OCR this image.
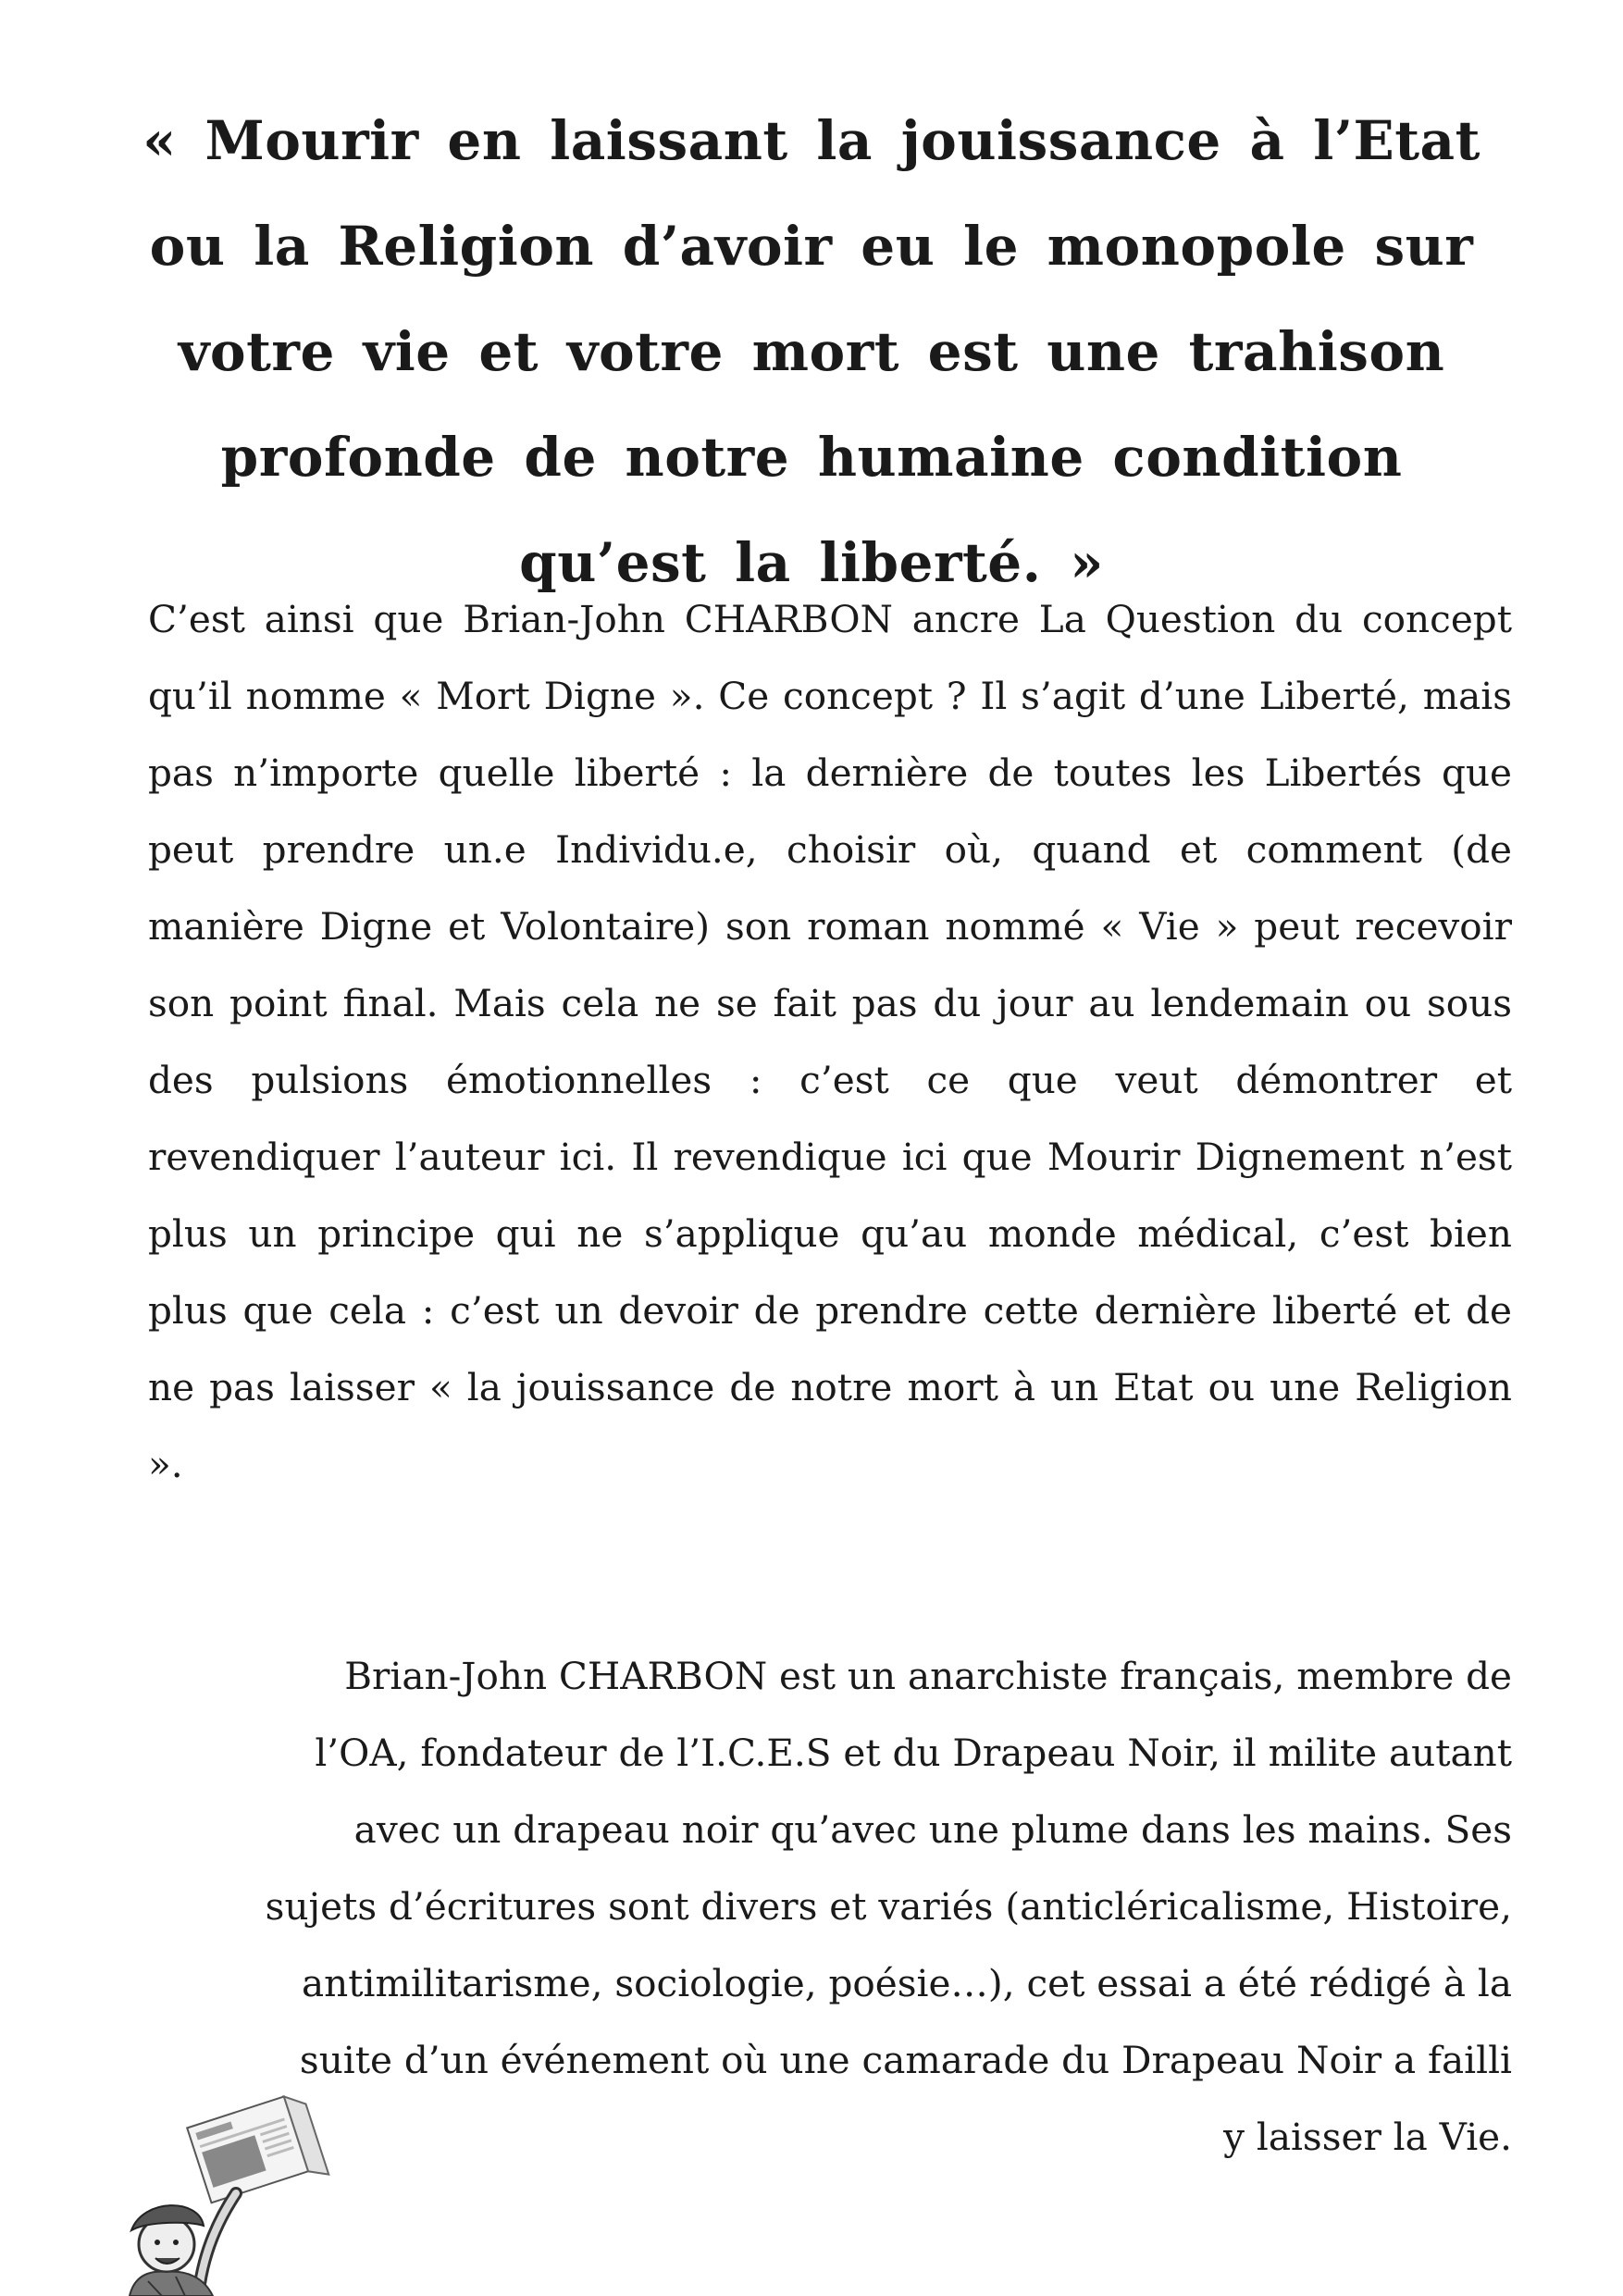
« Mourir en laissant la jouissance à l’Etat ou la Religion d’avoir eu le monopole sur votre vie et votre mort est une trahison profonde de notre humaine condition qu’est la liberté. »
C’est ainsi que Brian-John CHARBON ancre La Question du concept qu’il nomme « Mort Digne ». Ce concept ? Il s’agit d’une Liberté, mais pas n’importe quelle liberté : la dernière de toutes les Libertés que peut prendre un.e Individu.e, choisir où, quand et comment (de manière Digne et Volontaire) son roman nommé « Vie » peut recevoir son point final. Mais cela ne se fait pas du jour au lendemain ou sous des pulsions émotionnelles : c’est ce que veut démontrer et revendiquer l’auteur ici. Il revendique ici que Mourir Dignement n’est plus un principe qui ne s’applique qu’au monde médical, c’est bien plus que cela : c’est un devoir de prendre cette dernière liberté et de ne pas laisser « la jouissance de notre mort à un Etat ou une Religion ».
Brian-John CHARBON est un anarchiste français, membre de
l’OA, fondateur de l’I.C.E.S et du Drapeau Noir, il milite autant
avec un drapeau noir qu’avec une plume dans les mains. Ses
sujets d’écritures sont divers et variés (anticléricalisme, Histoire,
antimilitarisme, sociologie, poésie…), cet essai a été rédigé à la
suite d’un événement où une camarade du Drapeau Noir a failli
y laisser la Vie.
